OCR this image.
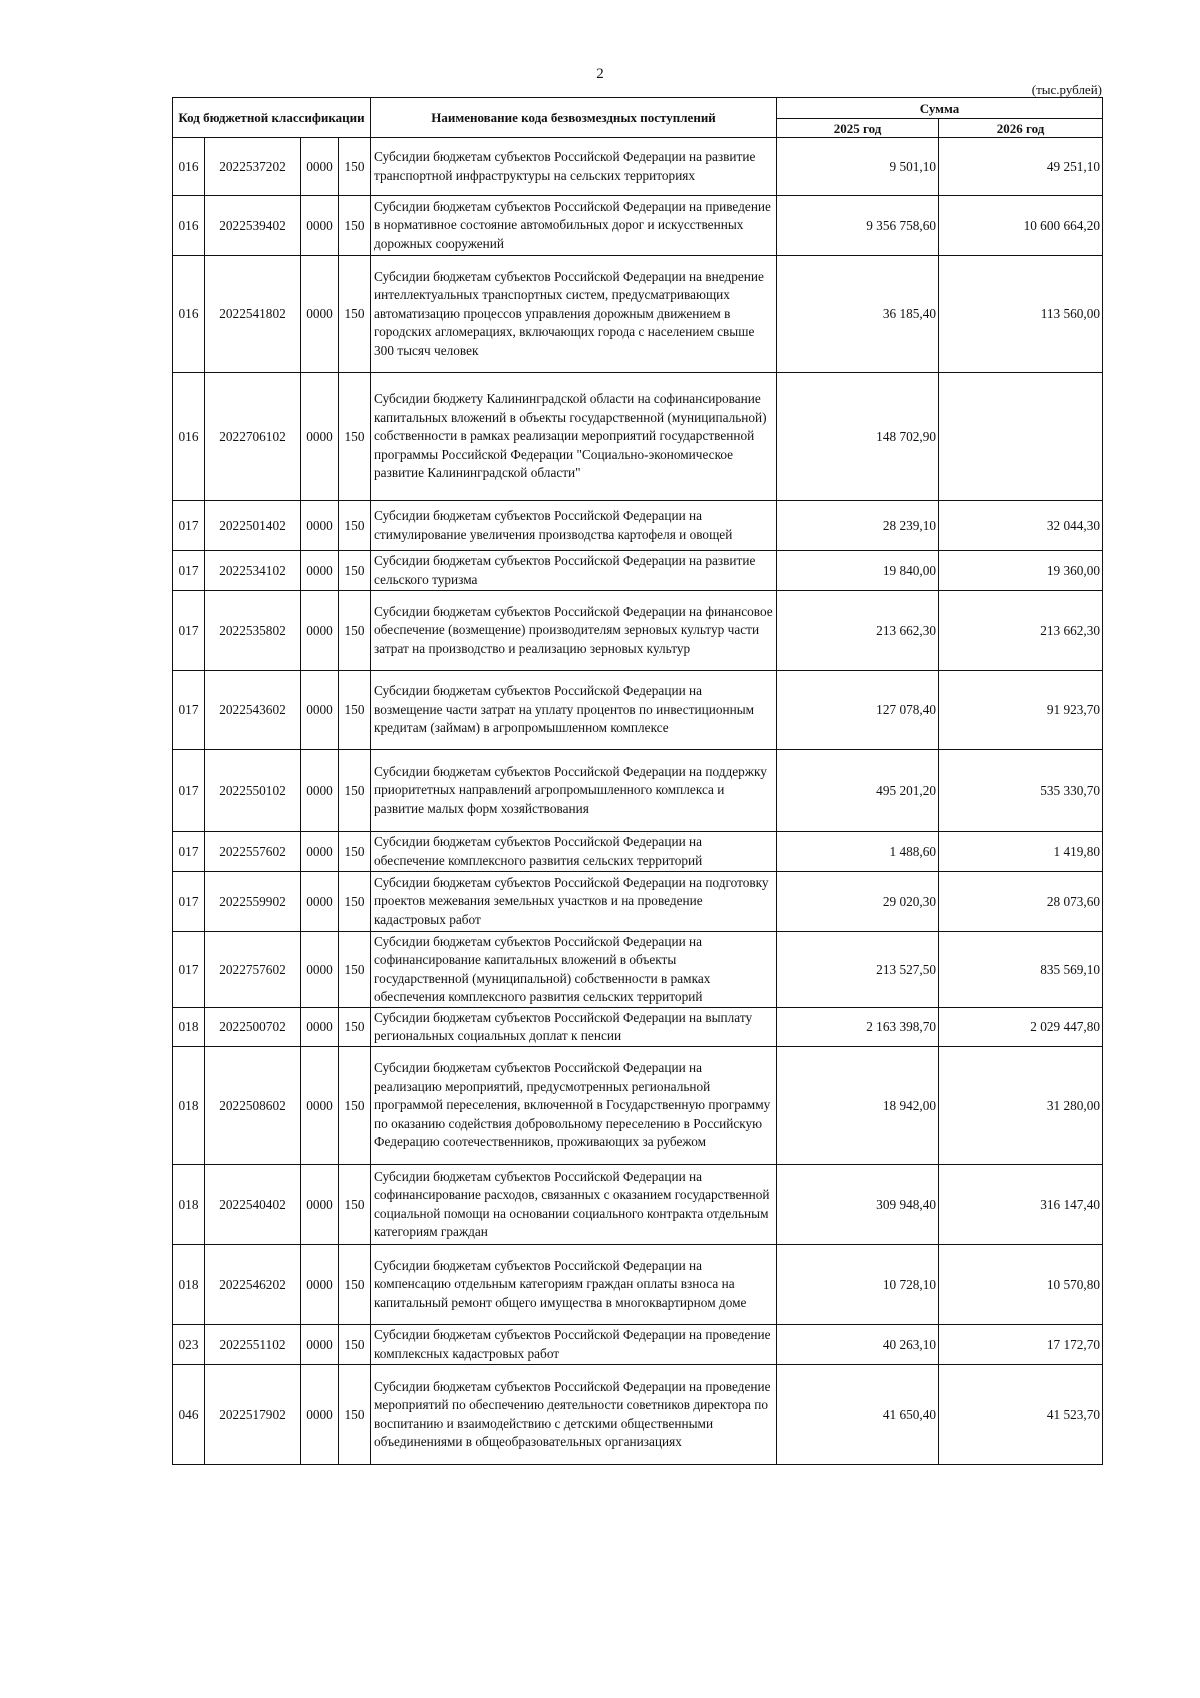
2
(тыс.рублей)
Код бюджетной классификации				Наименование кода безвозмездных поступлений	Сумма	
					2025 год	2026 год
016	2022537202	0000	150	Субсидии бюджетам субъектов Российской Федерации на развитие транспортной инфраструктуры на сельских территориях	9 501,10	49 251,10
016	2022539402	0000	150	Субсидии бюджетам субъектов Российской Федерации на приведение в нормативное состояние автомобильных дорог и искусственных дорожных сооружений	9 356 758,60	10 600 664,20
016	2022541802	0000	150	Субсидии бюджетам субъектов Российской Федерации на внедрение интеллектуальных транспортных систем, предусматривающих автоматизацию процессов управления дорожным движением в городских агломерациях, включающих города с населением свыше 300 тысяч человек	36 185,40	113 560,00
016	2022706102	0000	150	Субсидии бюджету Калининградской области на софинансирование капитальных вложений в объекты государственной (муниципальной) собственности в рамках реализации мероприятий государственной программы Российской Федерации "Социально-экономическое развитие Калининградской области"	148 702,90	
017	2022501402	0000	150	Субсидии бюджетам субъектов Российской Федерации на стимулирование увеличения производства картофеля и овощей	28 239,10	32 044,30
017	2022534102	0000	150	Субсидии бюджетам субъектов Российской Федерации на развитие сельского туризма	19 840,00	19 360,00
017	2022535802	0000	150	Субсидии бюджетам субъектов Российской Федерации на финансовое обеспечение (возмещение) производителям зерновых культур части затрат на производство и реализацию зерновых культур	213 662,30	213 662,30
017	2022543602	0000	150	Субсидии бюджетам субъектов Российской Федерации на возмещение части затрат на уплату процентов по инвестиционным кредитам (займам) в агропромышленном комплексе	127 078,40	91 923,70
017	2022550102	0000	150	Субсидии бюджетам субъектов Российской Федерации на поддержку приоритетных направлений агропромышленного комплекса и развитие малых форм хозяйствования	495 201,20	535 330,70
017	2022557602	0000	150	Субсидии бюджетам субъектов Российской Федерации на обеспечение комплексного развития сельских территорий	1 488,60	1 419,80
017	2022559902	0000	150	Субсидии бюджетам субъектов Российской Федерации на подготовку проектов межевания земельных участков и на проведение кадастровых работ	29 020,30	28 073,60
017	2022757602	0000	150	Субсидии бюджетам субъектов Российской Федерации на софинансирование капитальных вложений в объекты государственной (муниципальной) собственности в рамках обеспечения комплексного развития сельских территорий	213 527,50	835 569,10
018	2022500702	0000	150	Субсидии бюджетам субъектов Российской Федерации на выплату региональных социальных доплат к пенсии	2 163 398,70	2 029 447,80
018	2022508602	0000	150	Субсидии бюджетам субъектов Российской Федерации на реализацию мероприятий, предусмотренных региональной программой переселения, включенной в Государственную программу по оказанию содействия добровольному переселению в Российскую Федерацию соотечественников, проживающих за рубежом	18 942,00	31 280,00
018	2022540402	0000	150	Субсидии бюджетам субъектов Российской Федерации на софинансирование расходов, связанных с оказанием государственной социальной помощи на основании социального контракта отдельным категориям граждан	309 948,40	316 147,40
018	2022546202	0000	150	Субсидии бюджетам субъектов Российской Федерации на компенсацию отдельным категориям граждан оплаты взноса на капитальный ремонт общего имущества в многоквартирном доме	10 728,10	10 570,80
023	2022551102	0000	150	Субсидии бюджетам субъектов Российской Федерации на проведение комплексных кадастровых работ	40 263,10	17 172,70
046	2022517902	0000	150	Субсидии бюджетам субъектов Российской Федерации на проведение мероприятий по обеспечению деятельности советников директора по воспитанию и взаимодействию с детскими общественными объединениями в общеобразовательных организациях	41 650,40	41 523,70
